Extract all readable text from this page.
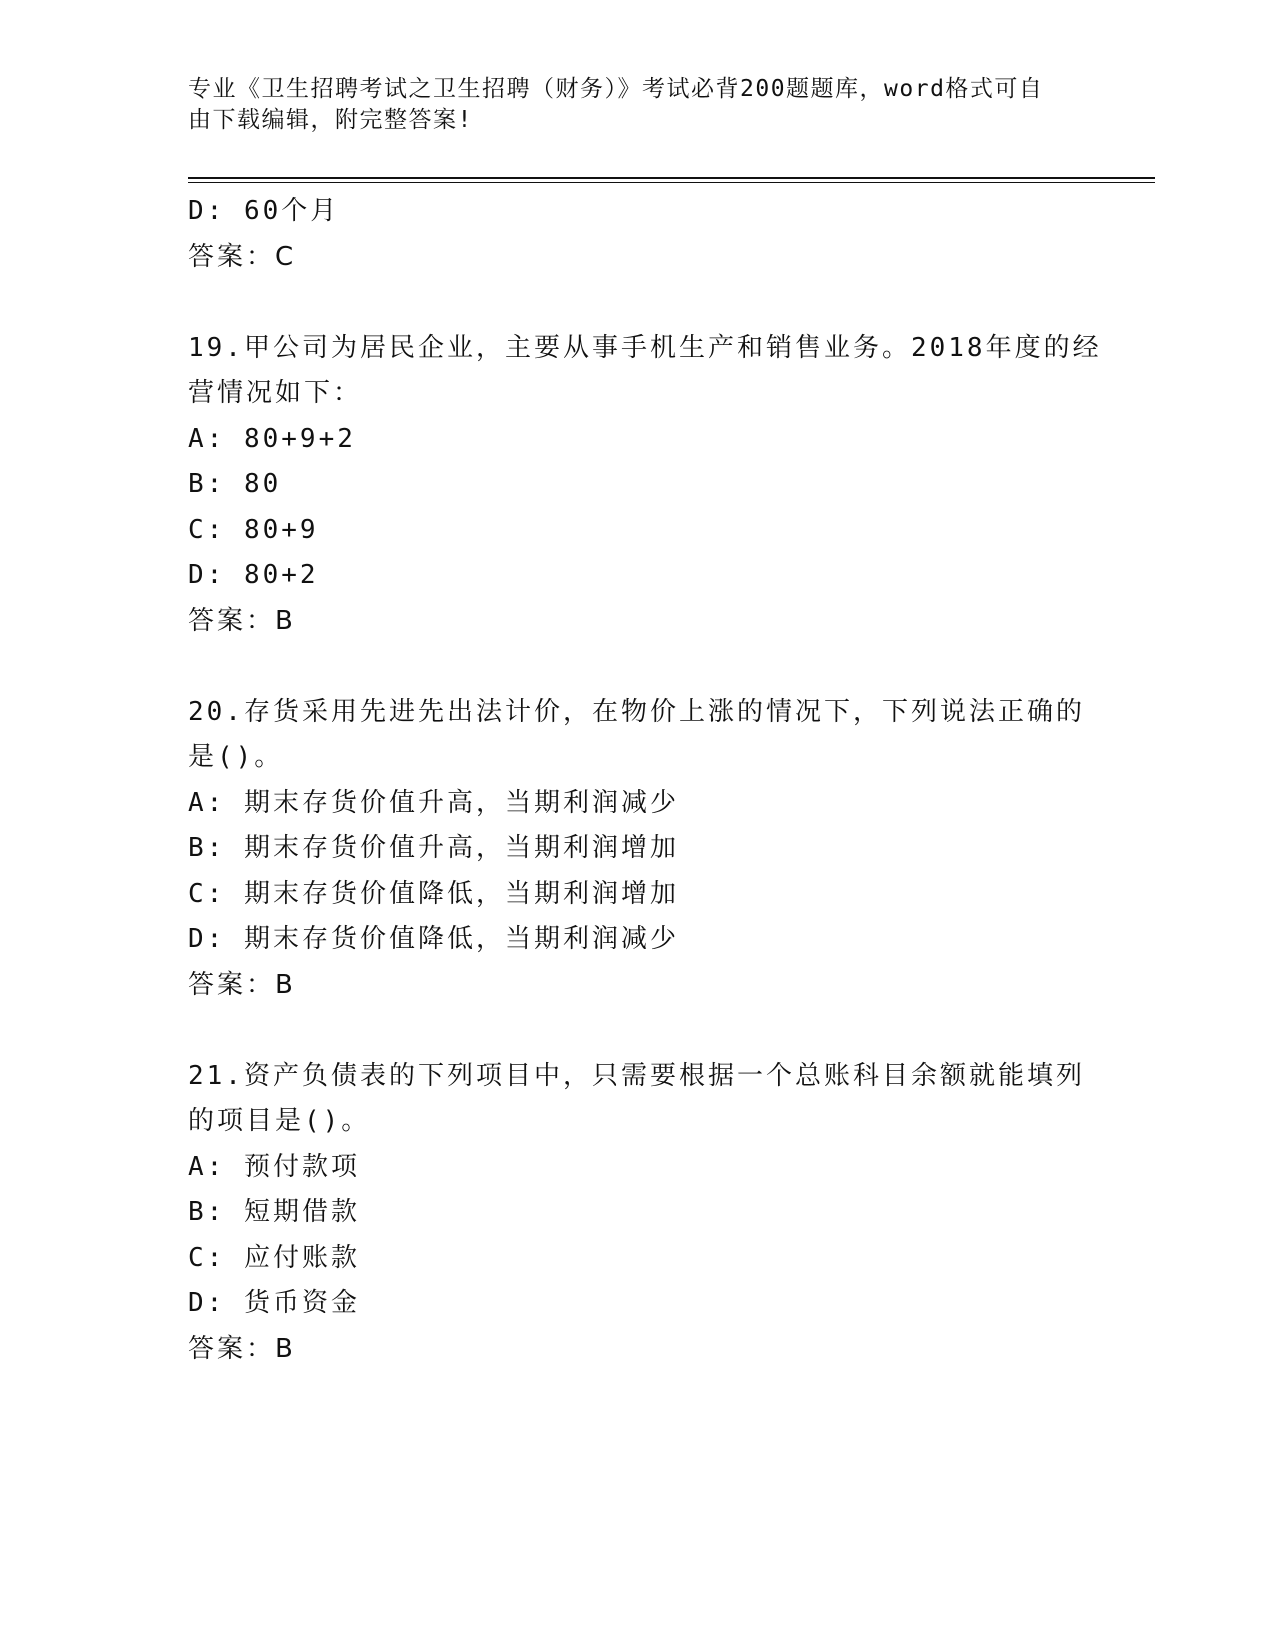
专业《卫生招聘考试之卫生招聘（财务）》考试必背200题题库，word格式可自
由下载编辑，附完整答案!
D: 60个月
答案：C
19.甲公司为居民企业，主要从事手机生产和销售业务。2018年度的经
营情况如下：
A: 80+9+2
B: 80
C: 80+9
D: 80+2
答案：B
20.存货采用先进先出法计价，在物价上涨的情况下，下列说法正确的
是()。
A: 期末存货价值升高，当期利润减少
B: 期末存货价值升高，当期利润增加
C: 期末存货价值降低，当期利润增加
D: 期末存货价值降低，当期利润减少
答案：B
21.资产负债表的下列项目中，只需要根据一个总账科目余额就能填列
的项目是()。
A: 预付款项
B: 短期借款
C: 应付账款
D: 货币资金
答案：B
